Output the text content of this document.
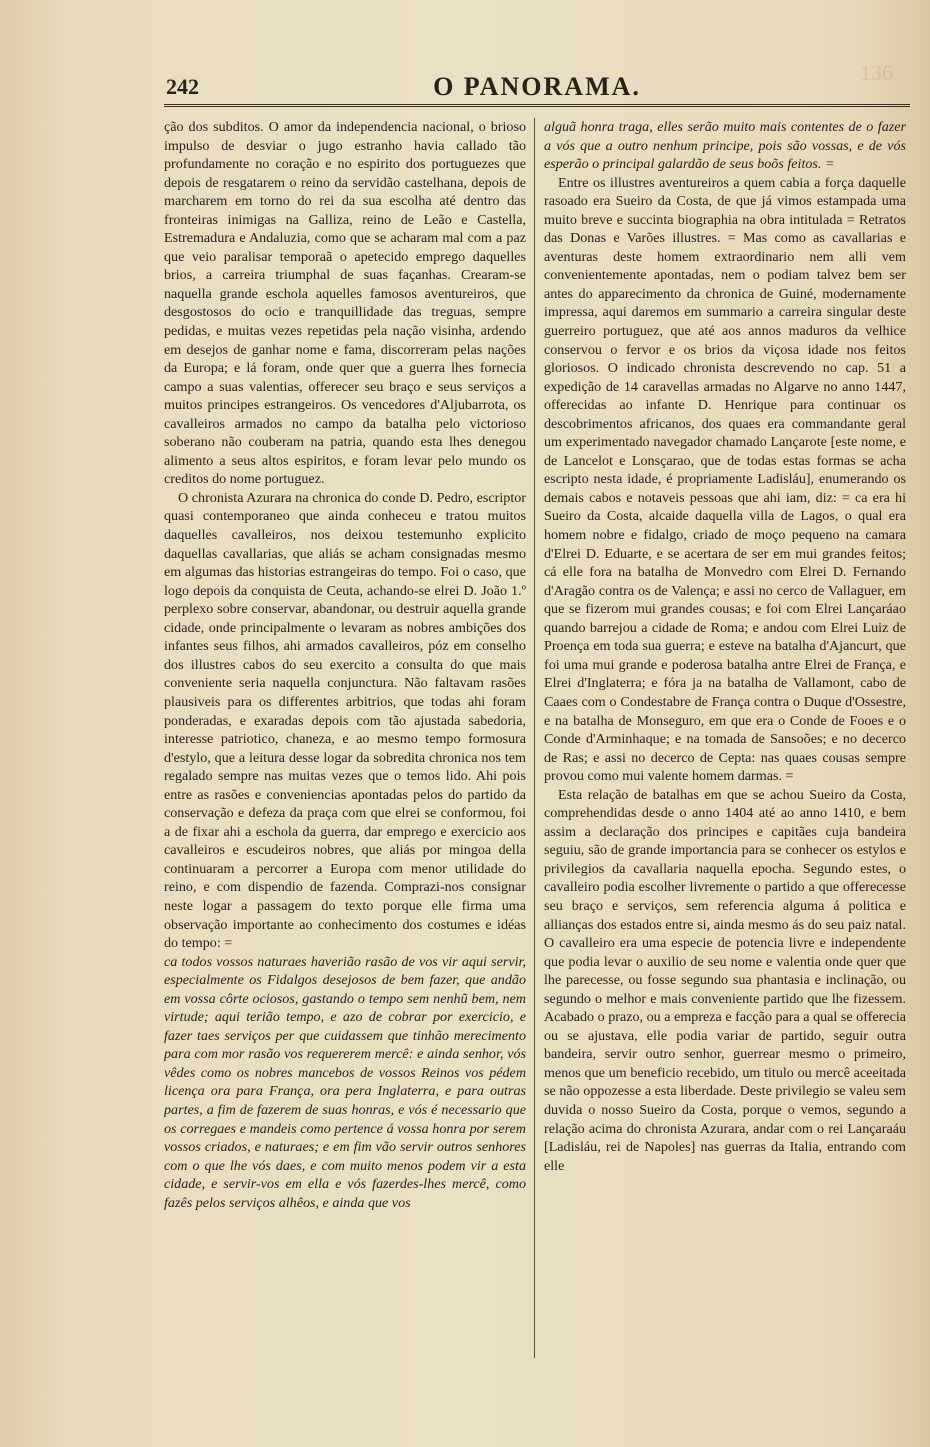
136
242	O PANORAMA.

ção dos subditos. O amor da independencia nacional, o brioso impulso de desviar o jugo estranho havia callado tão profundamente no coração e no espirito dos portuguezes que depois de resgatarem o reino da servidão castelhana, depois de marcharem em torno do rei da sua escolha até dentro das fronteiras inimigas na Galliza, reino de Leão e Castella, Estremadura e Andaluzia, como que se acharam mal com a paz que veio paralisar temporaã o apetecido emprego daquelles brios, a carreira triumphal de suas façanhas. Crearam-se naquella grande eschola aquelles famosos aventureiros, que desgostosos do ocio e tranquillidade das treguas, sempre pedidas, e muitas vezes repetidas pela nação visinha, ardendo em desejos de ganhar nome e fama, discorreram pelas nações da Europa; e lá foram, onde quer que a guerra lhes fornecia campo a suas valentias, offerecer seu braço e seus serviços a muitos principes estrangeiros. Os vencedores d'Aljubarrota, os cavalleiros armados no campo da batalha pelo victorioso soberano não couberam na patria, quando esta lhes denegou alimento a seus altos espiritos, e foram levar pelo mundo os creditos do nome portuguez.

O chronista Azurara na chronica do conde D. Pedro, escriptor quasi contemporaneo que ainda conheceu e tratou muitos daquelles cavalleiros, nos deixou testemunho explicito daquellas cavallarias, que aliás se acham consignadas mesmo em algumas das historias estrangeiras do tempo. Foi o caso, que logo depois da conquista de Ceuta, achando-se elrei D. João 1.º perplexo sobre conservar, abandonar, ou destruir aquella grande cidade, onde principalmente o levaram as nobres ambições dos infantes seus filhos, ahi armados cavalleiros, póz em conselho dos illustres cabos do seu exercito a consulta do que mais conveniente seria naquella conjunctura. Não faltavam rasões plausiveis para os differentes arbitrios, que todas ahi foram ponderadas, e exaradas depois com tão ajustada sabedoria, interesse patriotico, chaneza, e ao mesmo tempo formosura d'estylo, que a leitura desse logar da sobredita chronica nos tem regalado sempre nas muitas vezes que o temos lido. Ahi pois entre as rasões e conveniencias apontadas pelos do partido da conservação e defeza da praça com que elrei se conformou, foi a de fixar ahi a eschola da guerra, dar emprego e exercicio aos cavalleiros e escudeiros nobres, que aliás por mingoa della continuaram a percorrer a Europa com menor utilidade do reino, e com dispendio de fazenda. Comprazi-nos consignar neste logar a passagem do texto porque elle firma uma observação importante ao conhecimento dos costumes e idéas do tempo: =

ca todos vossos naturaes haverião rasão de vos vir aqui servir, especialmente os Fidalgos desejosos de bem fazer, que andão em vossa côrte ociosos, gastando o tempo sem nenhũ bem, nem virtude; aqui terião tempo, e azo de cobrar por exercicio, e fazer taes serviços per que cuidassem que tinhão merecimento para com mor rasão vos requererem mercê: e ainda senhor, vós vêdes como os nobres mancebos de vossos Reinos vos pédem licença ora para França, ora pera Inglaterra, e para outras partes, a fim de fazerem de suas honras, e vós é necessario que os corregaes e mandeis como pertence á vossa honra por serem vossos criados, e naturaes; e em fim vão servir outros senhores com o que lhe vós daes, e com muito menos podem vir a esta cidade, e servir-vos em ella e vós fazerdes-lhes mercê, como fazês pelos serviços alhêos, e ainda que vos

alguã honra traga, elles serão muito mais contentes de o fazer a vós que a outro nenhum principe, pois são vossas, e de vós esperão o principal galardão de seus boõs feitos. =

Entre os illustres aventureiros a quem cabia a força daquelle rasoado era Sueiro da Costa, de que já vimos estampada uma muito breve e succinta biographia na obra intitulada = Retratos das Donas e Varões illustres. = Mas como as cavallarias e aventuras deste homem extraordinario nem alli vem convenientemente apontadas, nem o podiam talvez bem ser antes do apparecimento da chronica de Guiné, modernamente impressa, aqui daremos em summario a carreira singular deste guerreiro portuguez, que até aos annos maduros da velhice conservou o fervor e os brios da viçosa idade nos feitos gloriosos. O indicado chronista descrevendo no cap. 51 a expedição de 14 caravellas armadas no Algarve no anno 1447, offerecidas ao infante D. Henrique para continuar os descobrimentos africanos, dos quaes era commandante geral um experimentado navegador chamado Lançarote [este nome, e de Lancelot e Lonsçarao, que de todas estas formas se acha escripto nesta idade, é propriamente Ladisláu], enumerando os demais cabos e notaveis pessoas que ahi iam, diz: = ca era hi Sueiro da Costa, alcaide daquella villa de Lagos, o qual era homem nobre e fidalgo, criado de moço pequeno na camara d'Elrei D. Eduarte, e se acertara de ser em mui grandes feitos; cá elle fora na batalha de Monvedro com Elrei D. Fernando d'Aragão contra os de Valença; e assi no cerco de Vallaguer, em que se fizerom mui grandes cousas; e foi com Elrei Lançaráao quando barrejou a cidade de Roma; e andou com Elrei Luiz de Proença em toda sua guerra; e esteve na batalha d'Ajancurt, que foi uma mui grande e poderosa batalha antre Elrei de França, e Elrei d'Inglaterra; e fóra ja na batalha de Vallamont, cabo de Caaes com o Condestabre de França contra o Duque d'Ossestre, e na batalha de Monseguro, em que era o Conde de Fooes e o Conde d'Arminhaque; e na tomada de Sansoões; e no decerco de Ras; e assi no decerco de Cepta: nas quaes cousas sempre provou como mui valente homem darmas. =

Esta relação de batalhas em que se achou Sueiro da Costa, comprehendidas desde o anno 1404 até ao anno 1410, e bem assim a declaração dos principes e capitães cuja bandeira seguiu, são de grande importancia para se conhecer os estylos e privilegios da cavallaria naquella epocha. Segundo estes, o cavalleiro podia escolher livremente o partido a que offerecesse seu braço e serviços, sem referencia alguma á politica e allianças dos estados entre si, ainda mesmo ás do seu paiz natal. O cavalleiro era uma especie de potencia livre e independente que podia levar o auxilio de seu nome e valentia onde quer que lhe parecesse, ou fosse segundo sua phantasia e inclinação, ou segundo o melhor e mais conveniente partido que lhe fizessem. Acabado o prazo, ou a empreza e facção para a qual se offerecia ou se ajustava, elle podia variar de partido, seguir outra bandeira, servir outro senhor, guerrear mesmo o primeiro, menos que um beneficio recebido, um titulo ou mercê aceeitada se não oppozesse a esta liberdade. Deste privilegio se valeu sem duvida o nosso Sueiro da Costa, porque o vemos, segundo a relação acima do chronista Azurara, andar com o rei Lançaraáu [Ladisláu, rei de Napoles] nas guerras da Italia, entrando com elle
